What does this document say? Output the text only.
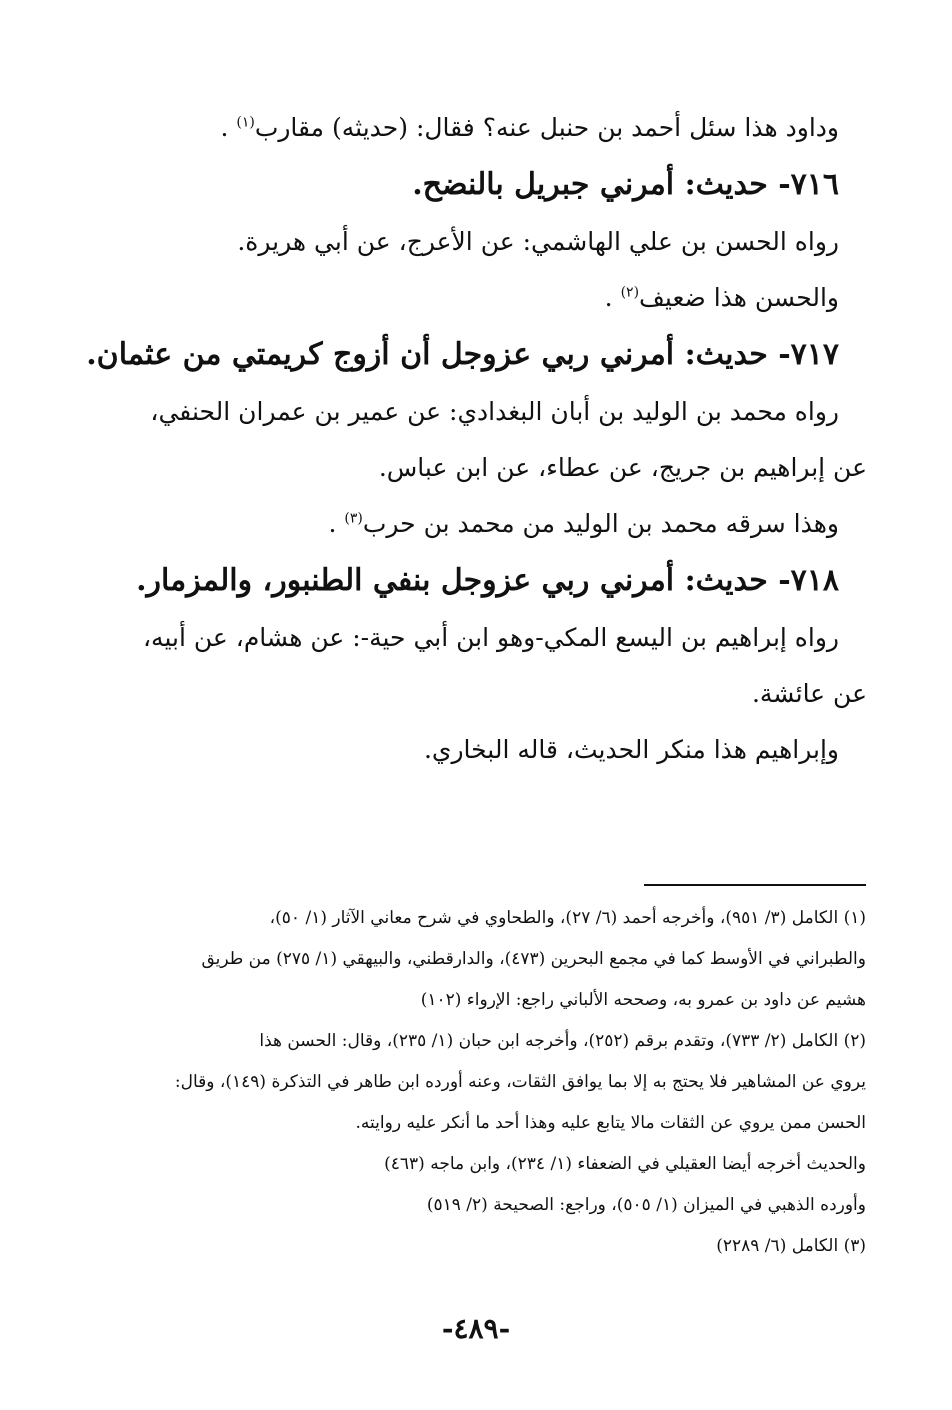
وداود هذا سئل أحمد بن حنبل عنه؟ فقال: (حديثه) مقارب$^{(١)}$ .

٧١٦- حديث: أمرني جبريل بالنضح.

رواه الحسن بن علي الهاشمي: عن الأعرج، عن أبي هريرة.

والحسن هذا ضعيف$^{(٢)}$ .

٧١٧- حديث: أمرني ربي عزوجل أن أزوج كريمتي من عثمان.

رواه محمد بن الوليد بن أبان البغدادي: عن عمير بن عمران الحنفي،

عن إبراهيم بن جريج، عن عطاء، عن ابن عباس.

وهذا سرقه محمد بن الوليد من محمد بن حرب$^{(٣)}$ .

٧١٨- حديث: أمرني ربي عزوجل بنفي الطنبور، والمزمار.

رواه إبراهيم بن اليسع المكي-وهو ابن أبي حية-: عن هشام، عن أبيه،

عن عائشة.

وإبراهيم هذا منكر الحديث، قاله البخاري.

(١) الكامل (٣/ ٩٥١)، وأخرجه أحمد (٦/ ٢٧)، والطحاوي في شرح معاني الآثار (١/ ٥٠)،

والطبراني في الأوسط كما في مجمع البحرين (٤٧٣)، والدارقطني، والبيهقي (١/ ٢٧٥) من طريق

هشيم عن داود بن عمرو به، وصححه الألباني راجع: الإرواء (١٠٢)

(٢) الكامل (٢/ ٧٣٣)، وتقدم برقم (٢٥٢)، وأخرجه ابن حبان (١/ ٢٣٥)، وقال: الحسن هذا

يروي عن المشاهير فلا يحتج به إلا بما يوافق الثقات، وعنه أورده ابن طاهر في التذكرة (١٤٩)، وقال:

الحسن ممن يروي عن الثقات مالا يتابع عليه وهذا أحد ما أنكر عليه روايته.

والحديث أخرجه أيضا العقيلي في الضعفاء (١/ ٢٣٤)، وابن ماجه (٤٦٣)

وأورده الذهبي في الميزان (١/ ٥٠٥)، وراجع: الصحيحة (٢/ ٥١٩)

(٣) الكامل (٦/ ٢٢٨٩)

-٤٨٩-
